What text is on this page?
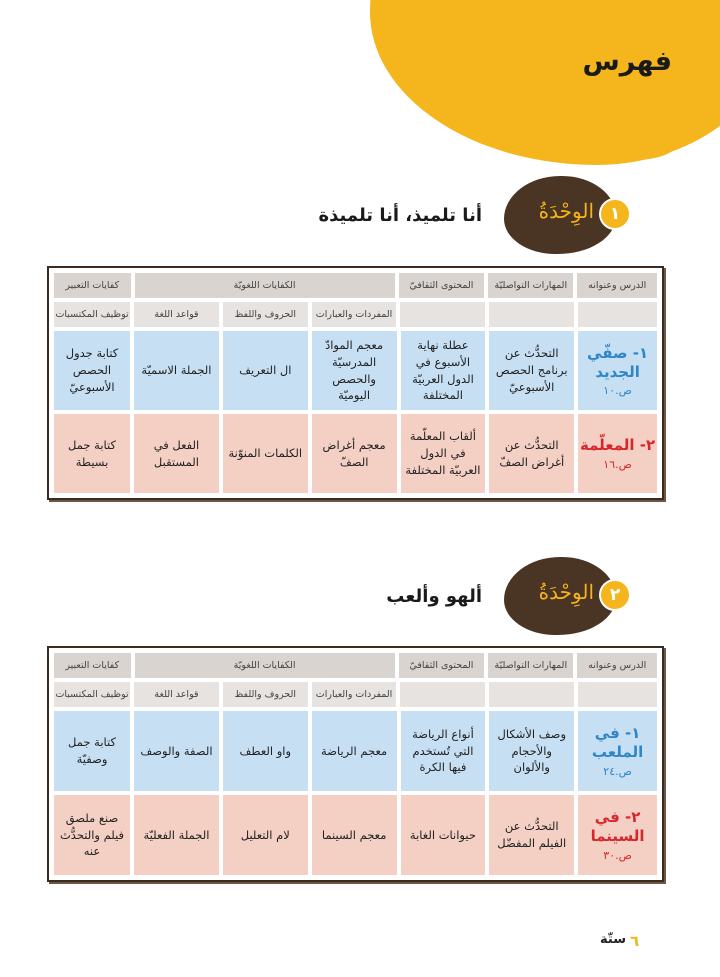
فهرس
الوِحْدَةُ ١
أنا تلميذ، أنا تلميذة
الدرس وعنوانه
المهارات التواصليّة
المحتوى الثقافيّ
الكفايات اللغويّة
كفايات التعبير
المفردات والعبارات
الحروف واللفظ
قواعد اللغة
توظيف المكتسبات
١- صفّي الجديد
ص.١٠
التحدُّث عن برنامج الحصص الأسبوعيّ
عطلة نهاية الأسبوع في الدول العربيّة المختلفة
معجم الموادّ المدرسيّة والحصص اليوميّة
ال التعريف
الجملة الاسميّة
كتابة جدول الحصص الأسبوعيّ
٢- المعلّمة
ص.١٦
التحدُّث عن أغراض الصفّ
ألقاب المعلّمة في الدول العربيّة المختلفة
معجم أغراض الصفّ
الكلمات المنوّنة
الفعل في المستقبل
كتابة جمل بسيطة
الوِحْدَةُ ٢
ألهو وألعب
الدرس وعنوانه
المهارات التواصليّة
المحتوى الثقافيّ
الكفايات اللغويّة
كفايات التعبير
المفردات والعبارات
الحروف واللفظ
قواعد اللغة
توظيف المكتسبات
١- في الملعب
ص.٢٤
وصف الأشكال والأحجام والألوان
أنواع الرياضة التي تُستخدم فيها الكرة
معجم الرياضة
واو العطف
الصفة والوصف
كتابة جمل وصفيّة
٢- في السينما
ص.٣٠
التحدُّث عن الفيلم المفضّل
حيوانات الغابة
معجم السينما
لام التعليل
الجملة الفعليّة
صنع ملصق فيلم والتحدُّث عنه
٦
ستّة
